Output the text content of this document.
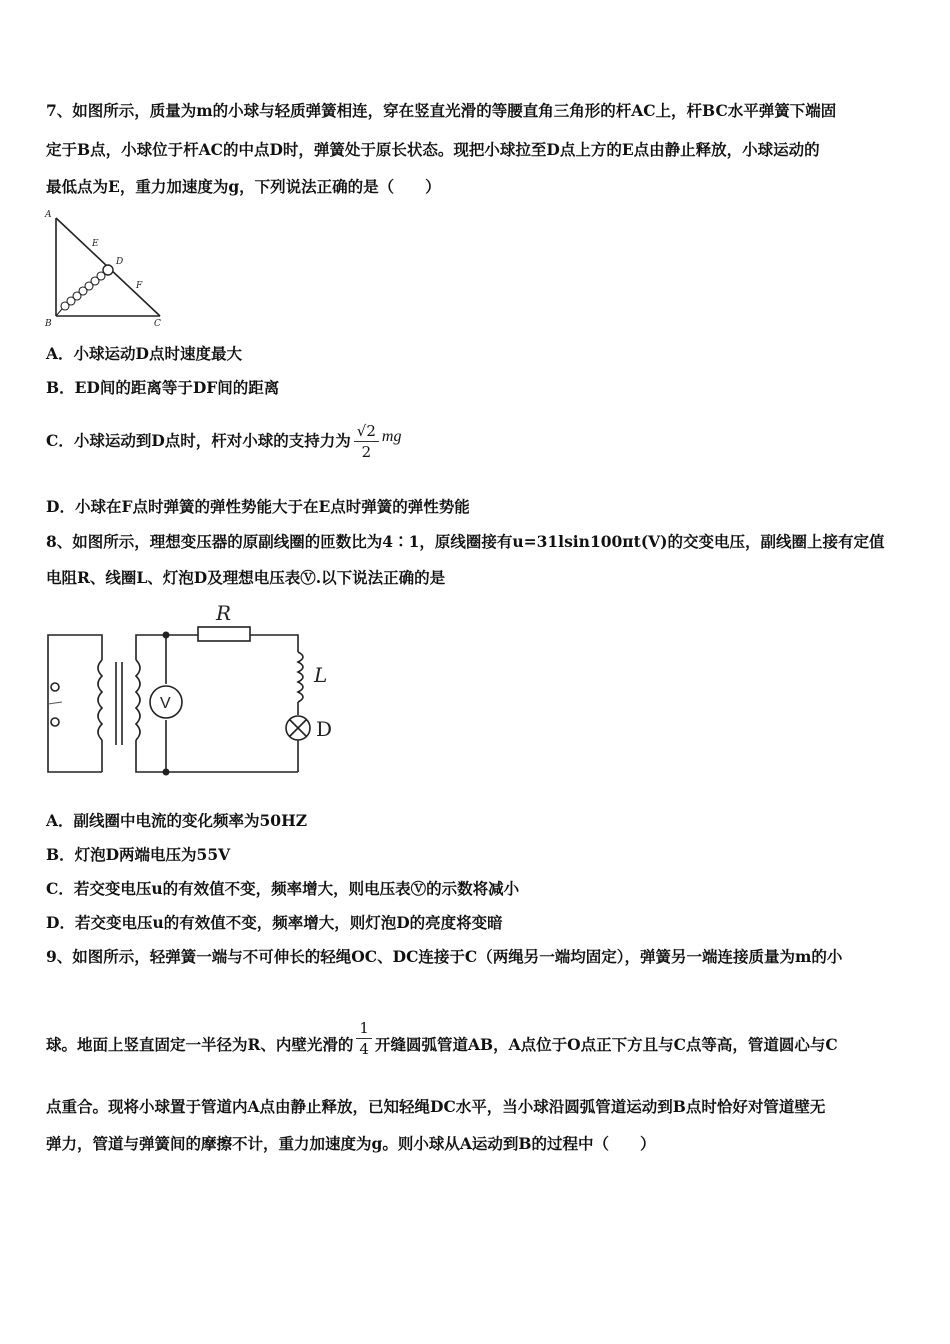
7、如图所示，质量为m的小球与轻质弹簧相连，穿在竖直光滑的等腰直角三角形的杆AC上，杆BC水平弹簧下端固
定于B点，小球位于杆AC的中点D时，弹簧处于原长状态。现把小球拉至D点上方的E点由静止释放，小球运动的
最低点为E，重力加速度为g，下列说法正确的是（　　）
A
B	C
D
E
F
A．小球运动D点时速度最大
B．ED间的距离等于DF间的距离
C．小球运动到D点时，杆对小球的支持力为 $\frac{√2}{2}$ mg
D．小球在F点时弹簧的弹性势能大于在E点时弹簧的弹性势能
8、如图所示，理想变压器的原副线圈的匝数比为4∶1，原线圈接有u=31lsin100πt(V)的交变电压，副线圈上接有定值
电阻R、线圈L、灯泡D及理想电压表Ⓥ.以下说法正确的是
V
R
L
D
A．副线圈中电流的变化频率为50HZ
B．灯泡D两端电压为55V
C．若交变电压u的有效值不变，频率增大，则电压表Ⓥ的示数将减小
D．若交变电压u的有效值不变，频率增大，则灯泡D的亮度将变暗
9、如图所示，轻弹簧一端与不可伸长的轻绳OC、DC连接于C（两绳另一端均固定），弹簧另一端连接质量为m的小
球。地面上竖直固定一半径为R、内壁光滑的 $\frac{1}{4}$ 开缝圆弧管道AB，A点位于O点正下方且与C点等高，管道圆心与C
点重合。现将小球置于管道内A点由静止释放，已知轻绳DC水平，当小球沿圆弧管道运动到B点时恰好对管道壁无
弹力，管道与弹簧间的摩擦不计，重力加速度为g。则小球从A运动到B的过程中（　　）
